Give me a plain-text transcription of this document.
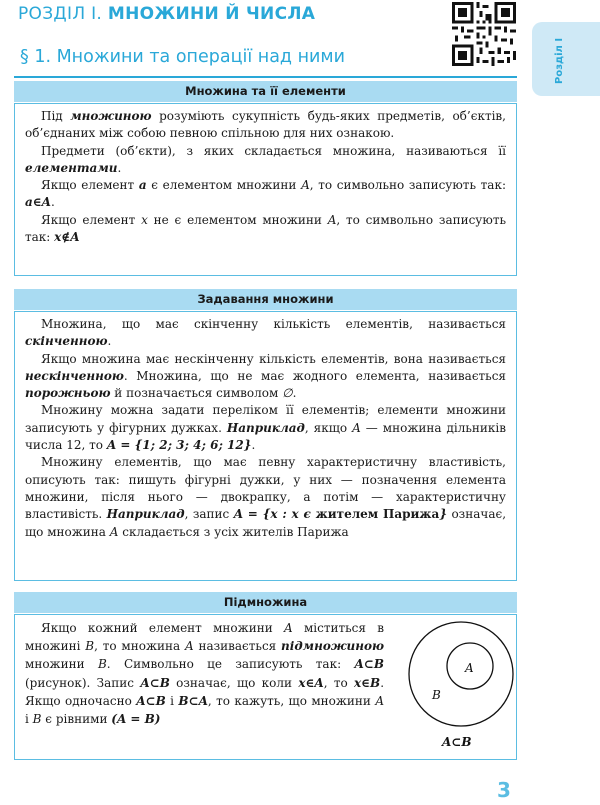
РОЗДІЛ І. МНОЖИНИ Й ЧИСЛА
Розділ І
§ 1. Множини та операції над ними
Множина та її елементи

Під множиною розуміють сукупність будь-яких предметів, об’єктів, об’єднаних між собою певною спільною для них ознакою.

Предмети (об’єкти), з яких складається множина, називаються її елементами.

Якщо елемент a є елементом множини A, то символьно записують так: a∈A.

Якщо елемент x не є елементом множини A, то символьно записують так: x∉A

Задавання множини

Множина, що має скінченну кількість елементів, називається скінченною.

Якщо множина має нескінченну кількість елементів, вона називається нескінченною. Множина, що не має жодного елемента, називається порожньою й позначається символом ∅.

Множину можна задати переліком її елементів; елементи множини записують у фігурних дужках. Наприклад, якщо A — множина дільників числа 12, то A = {1; 2; 3; 4; 6; 12}.

Множину елементів, що має певну характеристичну властивість, описують так: пишуть фігурні дужки, у них — позначення елемента множини, після нього — двокрапку, а потім — характеристичну властивість. Наприклад, запис A = {x : x є жителем Парижа} означає, що множина A складається з усіх жителів Парижа

Підмножина

Якщо кожний елемент множини A міститься в множині B, то множина A називається підмножиною множини B. Символьно це записують так: A⊂B (рисунок). Запис A⊂B означає, що коли x∈A, то x∈B. Якщо одночасно A⊂B і B⊂A, то кажуть, що множини A і B є рівними (A = B)

A
B
A⊂B
3
